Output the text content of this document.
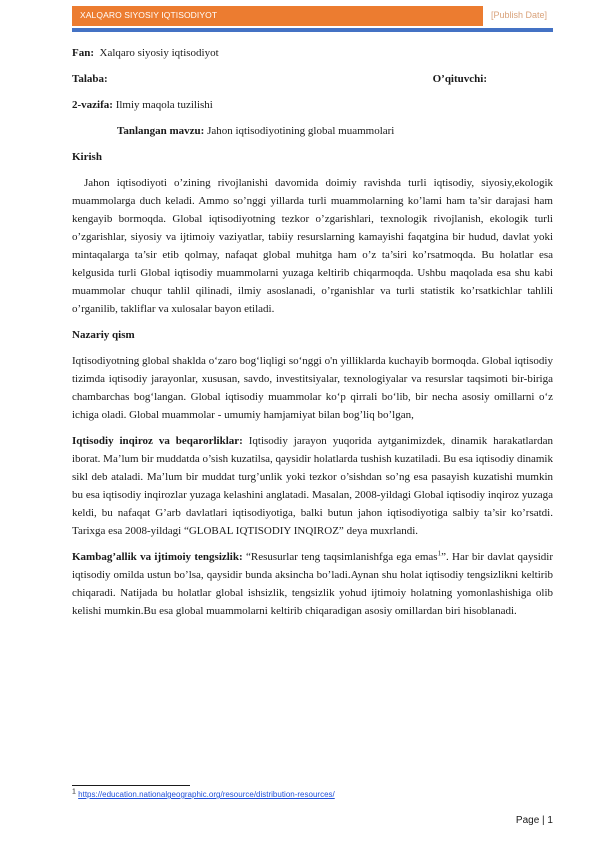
XALQARO SIYOSIY IQTISODIYOT	[Publish Date]

Fan: Xalqaro siyosiy iqtisodiyot

Talaba:	O’qituvchi:

2-vazifa: Ilmiy maqola tuzilishi

Tanlangan mavzu: Jahon iqtisodiyotining global muammolari

Kirish

Jahon iqtisodiyoti o’zining rivojlanishi davomida doimiy ravishda turli iqtisodiy, siyosiy,ekologik muammolarga duch keladi. Ammo so’nggi yillarda turli muammolarning ko’lami ham ta’sir darajasi ham kengayib bormoqda. Global iqtisodiyotning tezkor o’zgarishlari, texnologik rivojlanish, ekologik turli o’zgarishlar, siyosiy va ijtimoiy vaziyatlar, tabiiy resurslarning kamayishi faqatgina bir hudud, davlat yoki mintaqalarga ta’sir etib qolmay, nafaqat global muhitga ham o’z ta’siri ko’rsatmoqda. Bu holatlar esa kelgusida turli Global iqtisodiy muammolarni yuzaga keltirib chiqarmoqda. Ushbu maqolada esa shu kabi muammolar chuqur tahlil qilinadi, ilmiy asoslanadi, o’rganishlar va turli statistik ko’rsatkichlar tahlili o’rganilib, takliflar va xulosalar bayon etiladi.

Nazariy qism

Iqtisodiyotning global shaklda o‘zaro bog‘liqligi so‘nggi o'n yilliklarda kuchayib bormoqda. Global iqtisodiy tizimda iqtisodiy jarayonlar, xususan, savdo, investitsiyalar, texnologiyalar va resurslar taqsimoti bir-biriga chambarchas bog‘langan. Global iqtisodiy muammolar ko‘p qirrali bo‘lib, bir necha asosiy omillarni o‘z ichiga oladi. Global muammolar - umumiy hamjamiyat bilan bog’liq bo’lgan,

Iqtisodiy inqiroz va beqarorliklar: Iqtisodiy jarayon yuqorida aytganimizdek, dinamik harakatlardan iborat. Ma’lum bir muddatda o’sish kuzatilsa, qaysidir holatlarda tushish kuzatiladi. Bu esa iqtisodiy dinamik sikl deb ataladi. Ma’lum bir muddat turg’unlik yoki tezkor o’sishdan so’ng esa pasayish kuzatishi mumkin bu esa iqtisodiy inqirozlar yuzaga kelashini anglatadi. Masalan, 2008-yildagi Global iqtisodiy inqiroz yuzaga keldi, bu nafaqat G’arb davlatlari iqtisodiyotiga, balki butun jahon iqtisodiyotiga salbiy ta’sir ko’rsatdi. Tarixga esa 2008-yildagi “GLOBAL IQTISODIY INQIROZ” deya muxrlandi.

Kambag’allik va ijtimoiy tengsizlik: “Resusurlar teng taqsimlanishfga ega emas$^1$”. Har bir davlat qaysidir iqtisodiy omilda ustun bo’lsa, qaysidir bunda aksincha bo’ladi.Aynan shu holat iqtisodiy tengsizlikni keltirib chiqaradi. Natijada bu holatlar global ishsizlik, tengsizlik yohud ijtimoiy holatning yomonlashishiga olib kelishi mumkin.Bu esa global muammolarni keltirib chiqaradigan asosiy omillardan biri hisoblanadi.

$^1$ https://education.nationalgeographic.org/resource/distribution-resources/
Page | 1
